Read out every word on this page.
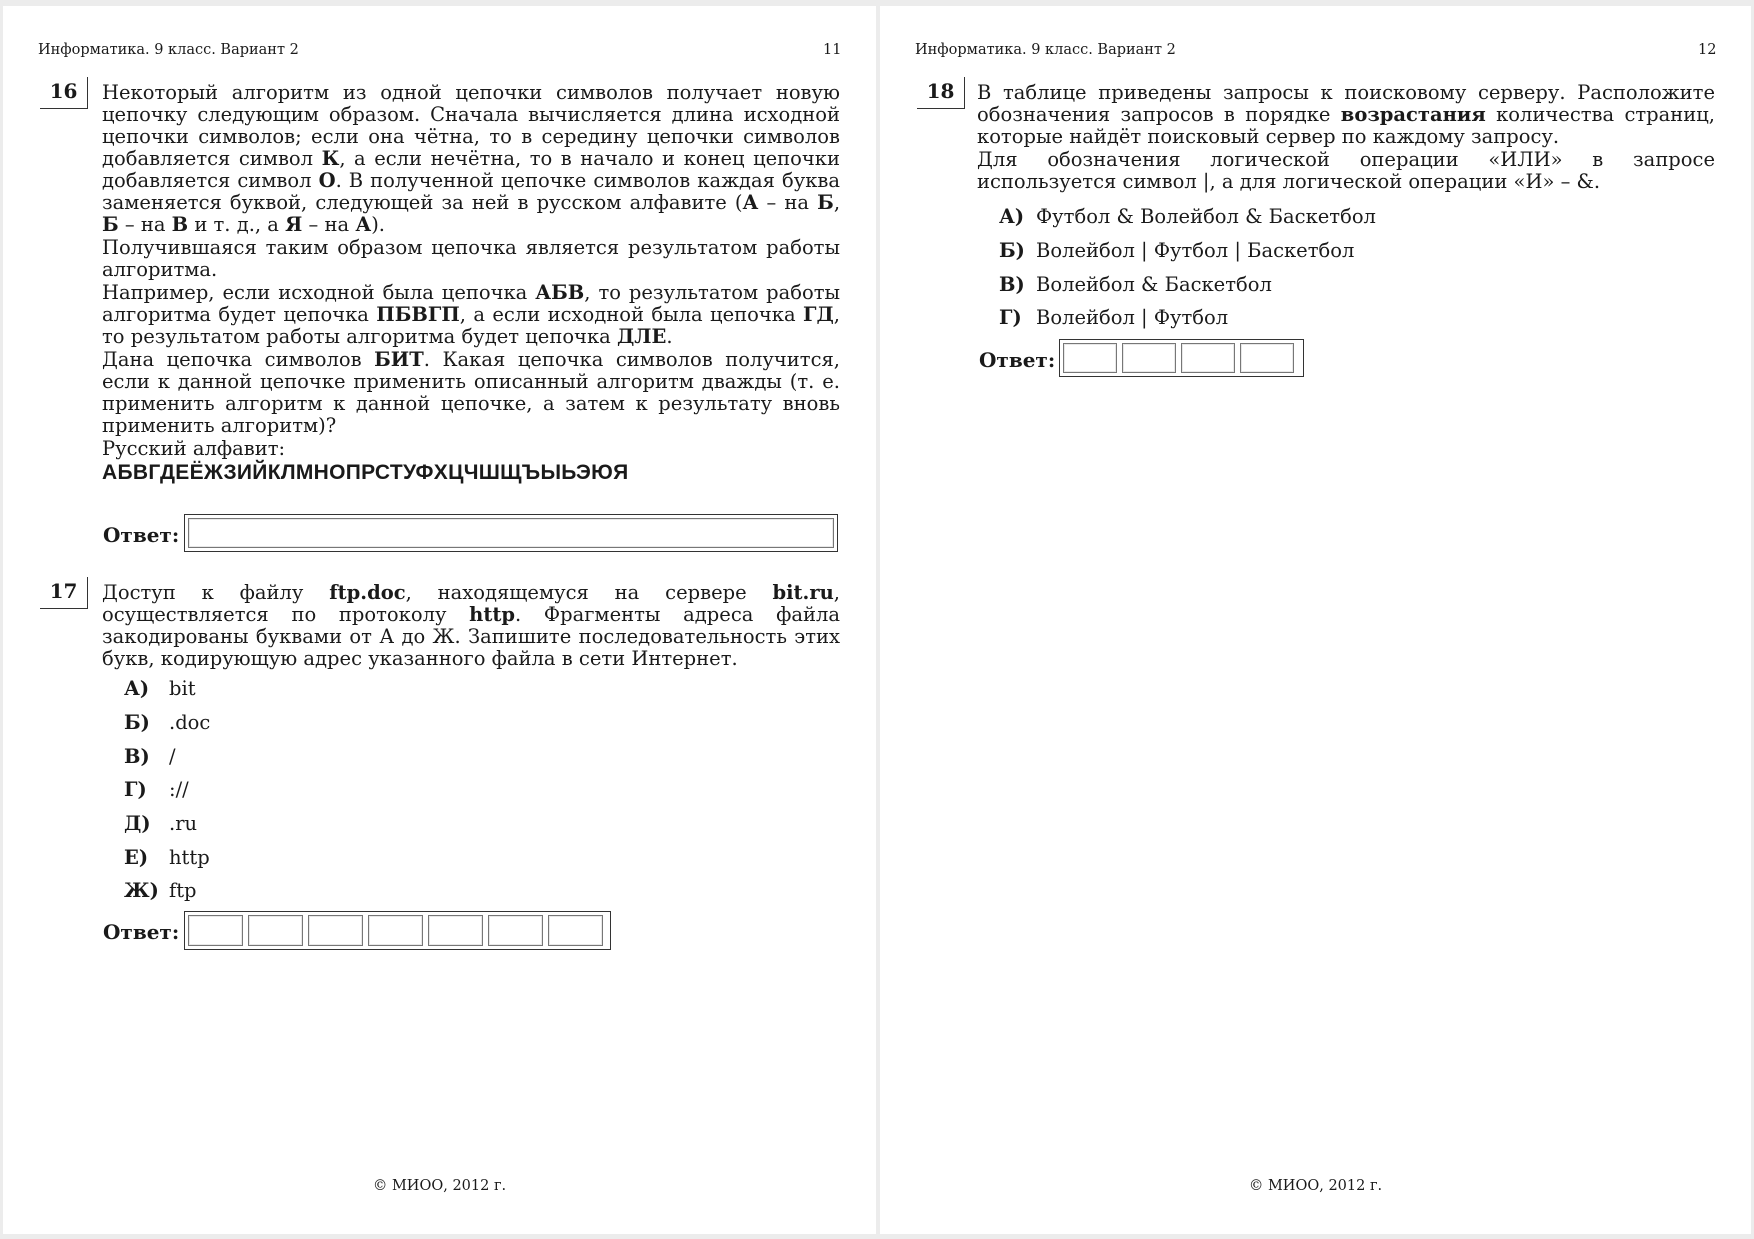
Информатика. 9 класс. Вариант 2	11
16	Некоторый алгоритм из одной цепочки символов получает новую цепочку следующим образом. Сначала вычисляется длина исходной цепочки символов; если она чётна, то в середину цепочки символов добавляется символ К, а если нечётна, то в начало и конец цепочки добавляется символ О. В полученной цепочке символов каждая буква заменяется буквой, следующей за ней в русском алфавите (А – на Б, Б – на В и т. д., а Я – на А).

Получившаяся таким образом цепочка является результатом работы алгоритма.

Например, если исходной была цепочка АБВ, то результатом работы алгоритма будет цепочка ПБВГП, а если исходной была цепочка ГД, то результатом работы алгоритма будет цепочка ДЛЕ.

Дана цепочка символов БИТ. Какая цепочка символов получится, если к данной цепочке применить описанный алгоритм дважды (т. е. применить алгоритм к данной цепочке, а затем к результату вновь применить алгоритм)?

Русский алфавит:

АБВГДЕЁЖЗИЙКЛМНОПРСТУФХЦЧШЩЪЫЬЭЮЯ

Ответ:
17	Доступ к файлу ftp.doc, находящемуся на сервере bit.ru, осуществляется по протоколу http. Фрагменты адреса файла закодированы буквами от А до Ж. Запишите последовательность этих букв, кодирующую адрес указанного файла в сети Интернет.

А)	bit
Б) .doc
В) /
Г)	://
Д) .ru
Е)	http
Ж) ftp
Ответ:
© МИОО, 2012 г.
Информатика. 9 класс. Вариант 2	12
18	В таблице приведены запросы к поисковому серверу. Расположите обозначения запросов в порядке возрастания количества страниц, которые найдёт поисковый сервер по каждому запросу.

Для обозначения логической операции «ИЛИ» в запросе используется символ |, а для логической операции «И» – &.

А) Футбол & Волейбол & Баскетбол
Б) Волейбол | Футбол | Баскетбол
В) Волейбол & Баскетбол
Г) Волейбол | Футбол
Ответ:
© МИОО, 2012 г.
